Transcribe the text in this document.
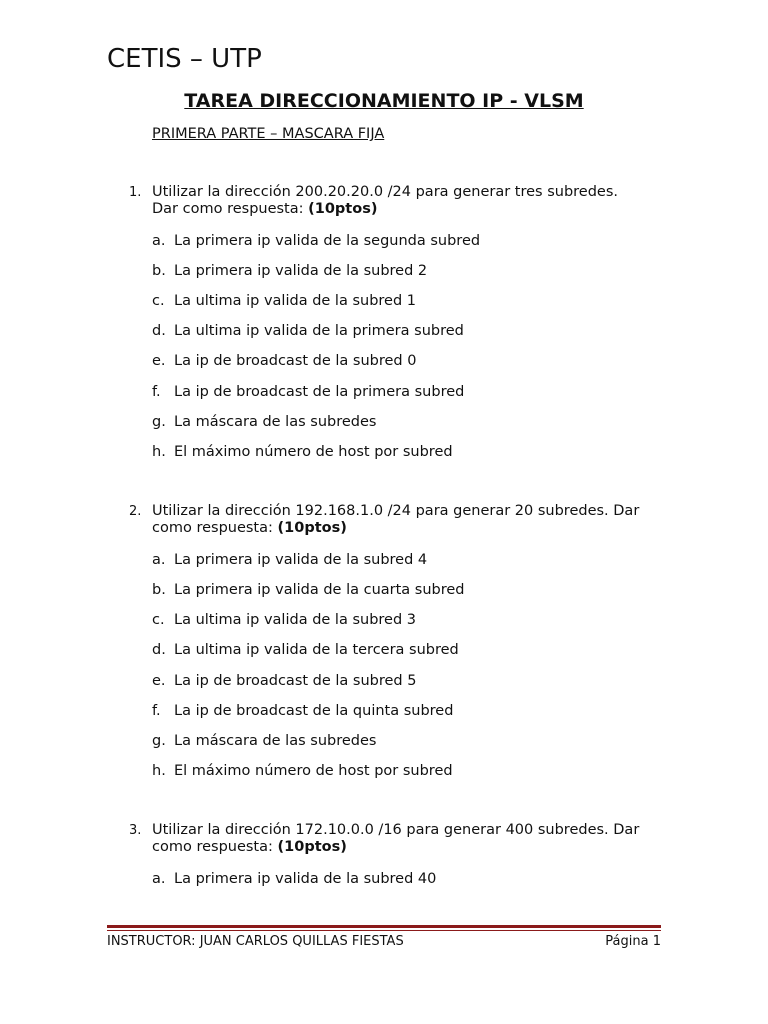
CETIS – UTP
TAREA DIRECCIONAMIENTO IP - VLSM
PRIMERA PARTE – MASCARA FIJA
1. Utilizar la dirección 200.20.20.0 /24 para generar tres subredes.
Dar como respuesta: (10ptos)
a. La primera ip valida de la segunda subred
b. La primera ip valida de la subred 2
c. La ultima ip valida de la subred 1
d. La ultima ip valida de la primera subred
e. La ip de broadcast de la subred 0
f. La ip de broadcast de la primera subred
g. La máscara de las subredes
h. El máximo número de host por subred
2. Utilizar la dirección 192.168.1.0 /24 para generar 20 subredes. Dar
como respuesta: (10ptos)
a. La primera ip valida de la subred 4
b. La primera ip valida de la cuarta subred
c. La ultima ip valida de la subred 3
d. La ultima ip valida de la tercera subred
e. La ip de broadcast de la subred 5
f. La ip de broadcast de la quinta subred
g. La máscara de las subredes
h. El máximo número de host por subred
3. Utilizar la dirección 172.10.0.0 /16 para generar 400 subredes. Dar
como respuesta: (10ptos)
a. La primera ip valida de la subred 40
INSTRUCTOR: JUAN CARLOS QUILLAS FIESTAS	Página 1
